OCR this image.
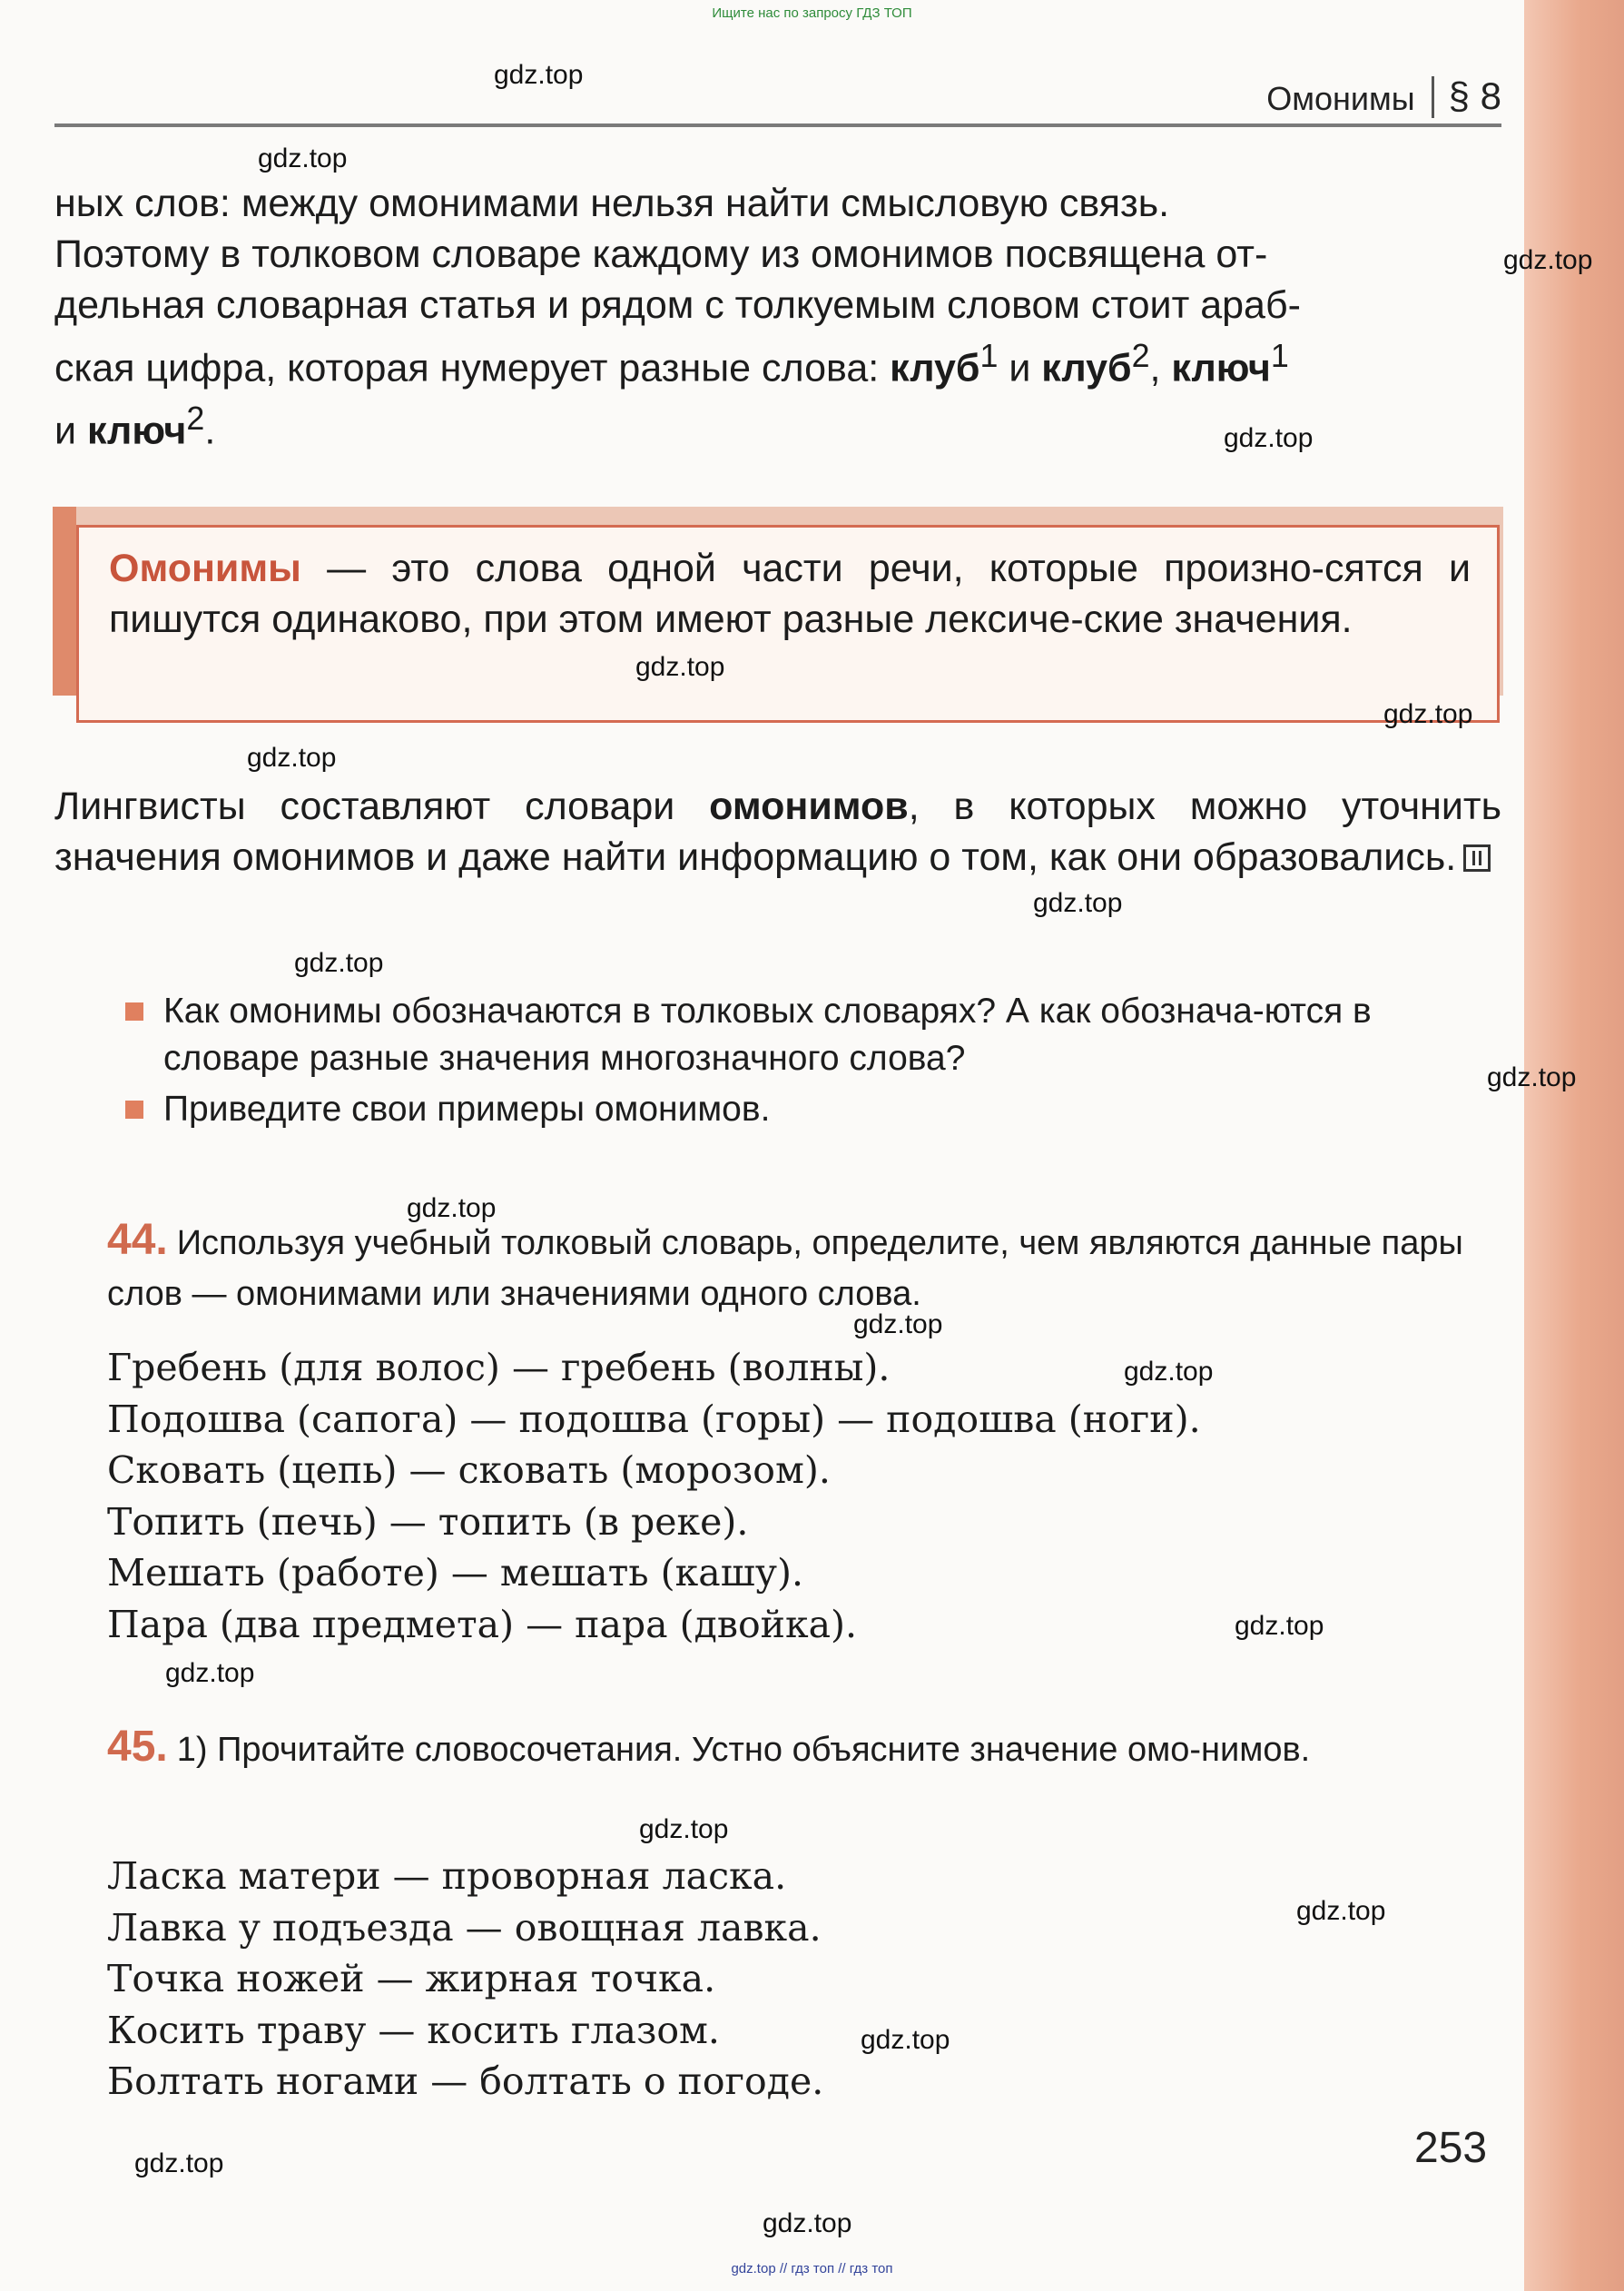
Ищите нас по запросу ГДЗ ТОП
Омонимы § 8
ных слов: между омонимами нельзя найти смысловую связь.
Поэтому в толковом словаре каждому из омонимов посвящена от-
дельная словарная статья и рядом с толкуемым словом стоит араб-
ская цифра, которая нумерует разные слова: клуб$^1$ и клуб$^2$, ключ$^1$
и ключ$^2$.

Омонимы — это слова одной части речи, которые произно-сятся и пишутся одинаково, при этом имеют разные лексиче-ские значения.

Лингвисты составляют словари омонимов, в которых можно уточнить значения омонимов и даже найти информацию о том, как они образовались.

Как омонимы обозначаются в толковых словарях? А как обознача-ются в словаре разные значения многозначного слова?
Приведите свои примеры омонимов.

44. Используя учебный толковый словарь, определите, чем являются данные пары слов — омонимами или значениями одного слова.

Гребень (для волос) — гребень (волны).
Подошва (сапога) — подошва (горы) — подошва (ноги).
Сковать (цепь) — сковать (морозом).
Топить (печь) — топить (в реке).
Мешать (работе) — мешать (кашу).
Пара (два предмета) — пара (двойка).

45. 1) Прочитайте словосочетания. Устно объясните значение омо-нимов.

Ласка матери — проворная ласка.
Лавка у подъезда — овощная лавка.
Точка ножей — жирная точка.
Косить траву — косить глазом.
Болтать ногами — болтать о погоде.
253
gdz.top
gdz.top
gdz.top
gdz.top
gdz.top
gdz.top
gdz.top
gdz.top
gdz.top
gdz.top
gdz.top
gdz.top
gdz.top
gdz.top
gdz.top
gdz.top
gdz.top
gdz.top
gdz.top
gdz.top
gdz.top // гдз топ // гдз топ
